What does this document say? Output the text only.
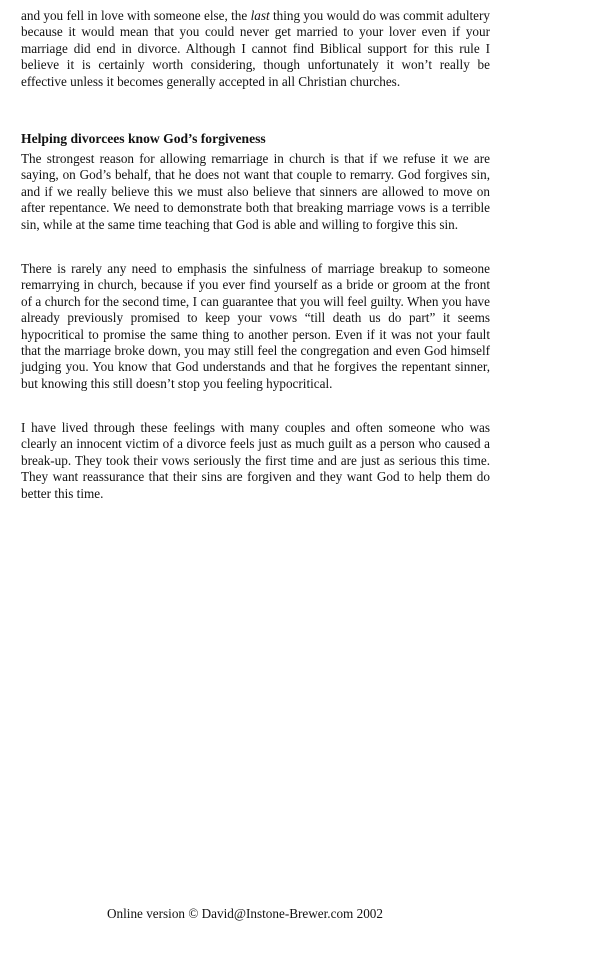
and you fell in love with someone else, the last thing you would do was commit adultery because it would mean that you could never get married to your lover even if your marriage did end in divorce. Although I cannot find Biblical support for this rule I believe it is certainly worth considering, though unfortunately it won’t really be effective unless it becomes generally accepted in all Christian churches.

Helping divorcees know God’s forgiveness

The strongest reason for allowing remarriage in church is that if we refuse it we are saying, on God’s behalf, that he does not want that couple to remarry. God forgives sin, and if we really believe this we must also believe that sinners are allowed to move on after repentance. We need to demonstrate both that breaking marriage vows is a terrible sin, while at the same time teaching that God is able and willing to forgive this sin.

There is rarely any need to emphasis the sinfulness of marriage breakup to someone remarrying in church, because if you ever find yourself as a bride or groom at the front of a church for the second time, I can guarantee that you will feel guilty. When you have already previously promised to keep your vows “till death us do part” it seems hypocritical to promise the same thing to another person. Even if it was not your fault that the marriage broke down, you may still feel the congregation and even God himself judging you. You know that God understands and that he forgives the repentant sinner, but knowing this still doesn’t stop you feeling hypocritical.

I have lived through these feelings with many couples and often someone who was clearly an innocent victim of a divorce feels just as much guilt as a person who caused a break-up. They took their vows seriously the first time and are just as serious this time. They want reassurance that their sins are forgiven and they want God to help them do better this time.

Online version © David@Instone-Brewer.com 2002
